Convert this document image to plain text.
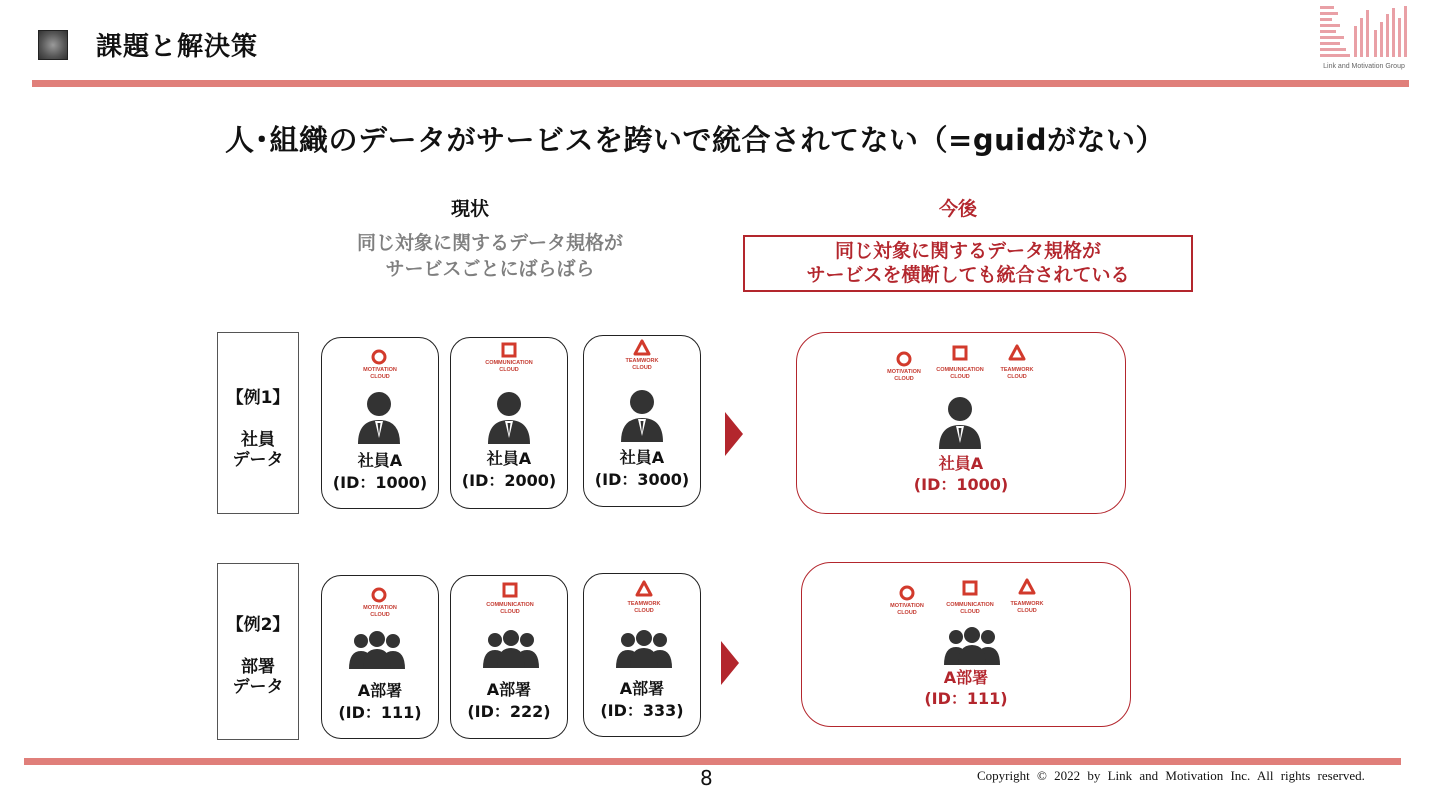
課題と解決策
Link and Motivation Group
人･組織のデータがサービスを跨いで統合されてない（=guidがない）
現状	今後
同じ対象に関するデータ規格が
サービスごとにばらばら
同じ対象に関するデータ規格が
サービスを横断しても統合されている
【例1】
社員
データ
MOTIVATION
CLOUD
社員A
(ID：1000)
COMMUNICATION
CLOUD
社員A
(ID：2000)
TEAMWORK
CLOUD
社員A
(ID：3000)
MOTIVATION
CLOUD
COMMUNICATION
CLOUD
TEAMWORK
CLOUD
社員A
(ID：1000)
【例2】
部署
データ
MOTIVATION
CLOUD
A部署
(ID：111)
COMMUNICATION
CLOUD
A部署
(ID：222)
TEAMWORK
CLOUD
A部署
(ID：333)
MOTIVATION
CLOUD
COMMUNICATION
CLOUD
TEAMWORK
CLOUD
A部署
(ID：111)
8	Copyright © 2022 by Link and Motivation Inc. All rights reserved.
